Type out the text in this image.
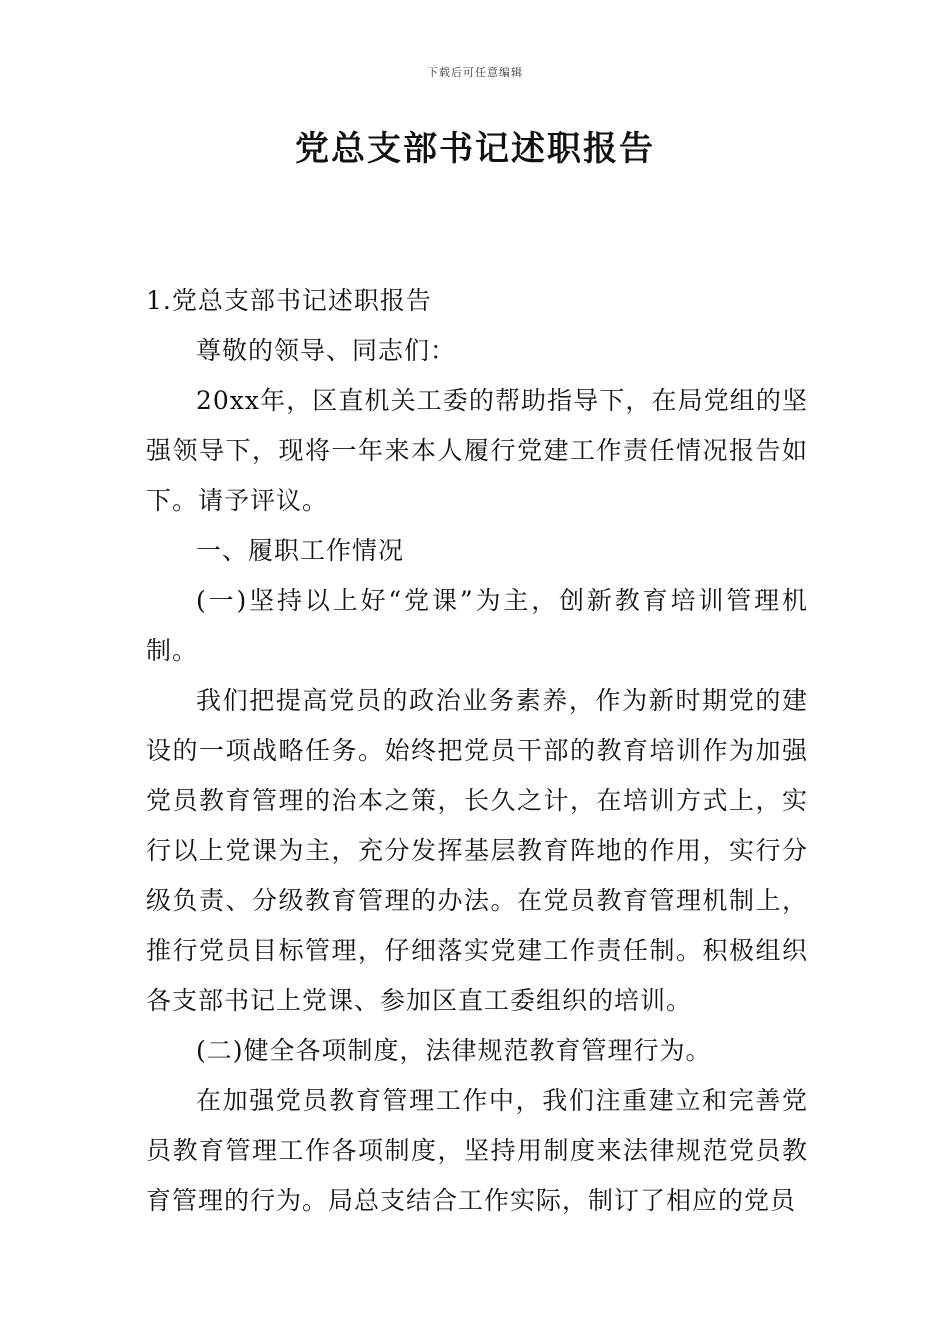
下载后可任意编辑
党总支部书记述职报告

1.党总支部书记述职报告

尊敬的领导、同志们：

20xx年，区直机关工委的帮助指导下，在局党组的坚强领导下，现将一年来本人履行党建工作责任情况报告如下。请予评议。

一、履职工作情况

(一)坚持以上好“党课”为主，创新教育培训管理机制。

我们把提高党员的政治业务素养，作为新时期党的建设的一项战略任务。始终把党员干部的教育培训作为加强党员教育管理的治本之策，长久之计，在培训方式上，实行以上党课为主，充分发挥基层教育阵地的作用，实行分级负责、分级教育管理的办法。在党员教育管理机制上，推行党员目标管理，仔细落实党建工作责任制。积极组织各支部书记上党课、参加区直工委组织的培训。

(二)健全各项制度，法律规范教育管理行为。

在加强党员教育管理工作中，我们注重建立和完善党员教育管理工作各项制度，坚持用制度来法律规范党员教育管理的行为。局总支结合工作实际，制订了相应的党员
